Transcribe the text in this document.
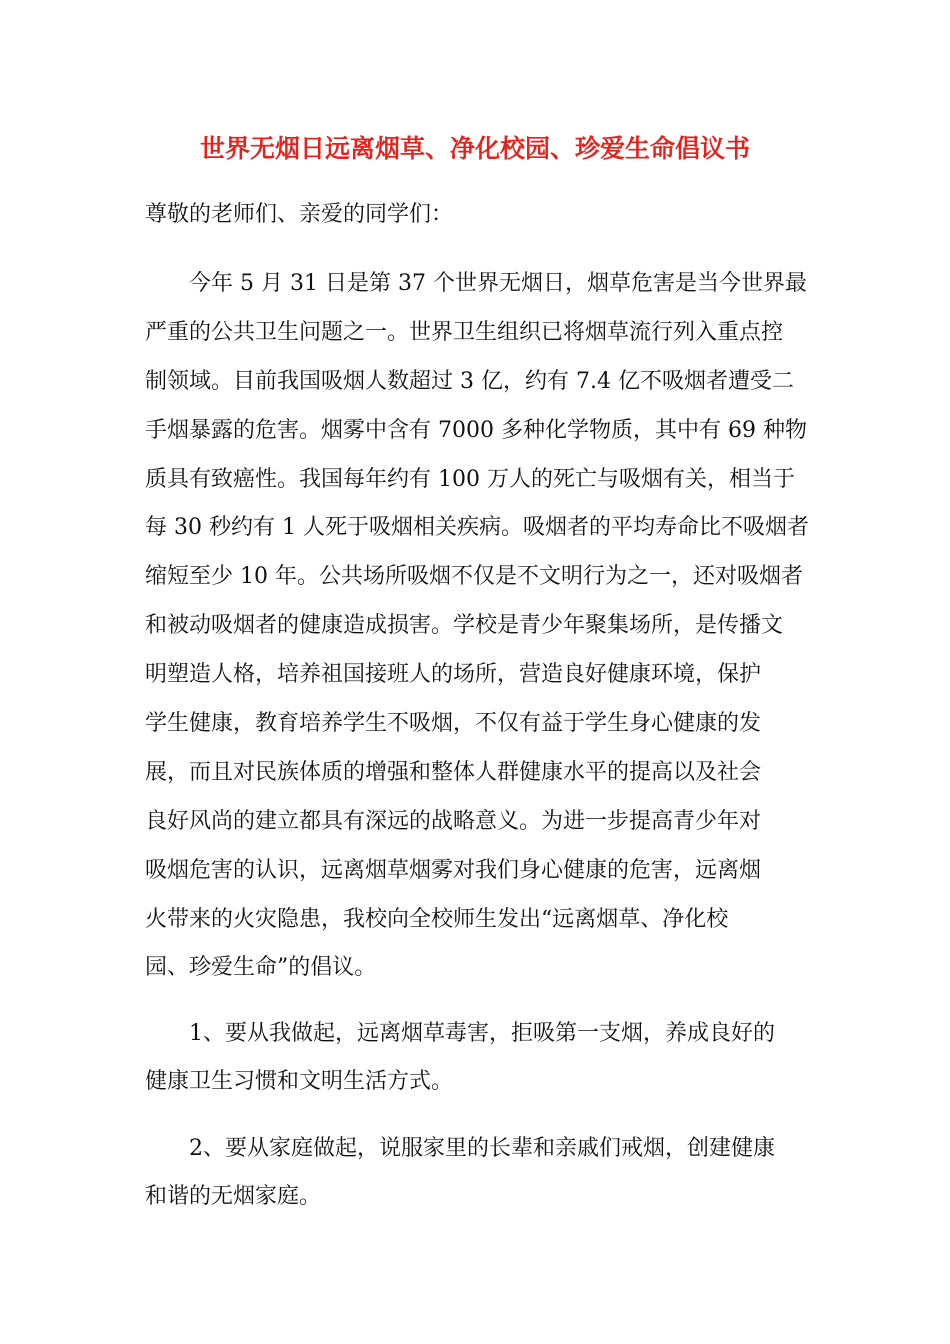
世界无烟日远离烟草、净化校园、珍爱生命倡议书

尊敬的老师们、亲爱的同学们：

今年 5 月 31 日是第 37 个世界无烟日，烟草危害是当今世界最
严重的公共卫生问题之一。世界卫生组织已将烟草流行列入重点控
制领域。目前我国吸烟人数超过 3 亿，约有 7.4 亿不吸烟者遭受二
手烟暴露的危害。烟雾中含有 7000 多种化学物质，其中有 69 种物
质具有致癌性。我国每年约有 100 万人的死亡与吸烟有关，相当于
每 30 秒约有 1 人死于吸烟相关疾病。吸烟者的平均寿命比不吸烟者
缩短至少 10 年。公共场所吸烟不仅是不文明行为之一，还对吸烟者
和被动吸烟者的健康造成损害。学校是青少年聚集场所，是传播文
明塑造人格，培养祖国接班人的场所，营造良好健康环境，保护
学生健康，教育培养学生不吸烟，不仅有益于学生身心健康的发
展，而且对民族体质的增强和整体人群健康水平的提高以及社会
良好风尚的建立都具有深远的战略意义。为进一步提高青少年对
吸烟危害的认识，远离烟草烟雾对我们身心健康的危害，远离烟
火带来的火灾隐患，我校向全校师生发出“远离烟草、净化校
园、珍爱生命”的倡议。

1、要从我做起，远离烟草毒害，拒吸第一支烟，养成良好的
健康卫生习惯和文明生活方式。

2、要从家庭做起，说服家里的长辈和亲戚们戒烟，创建健康
和谐的无烟家庭。
